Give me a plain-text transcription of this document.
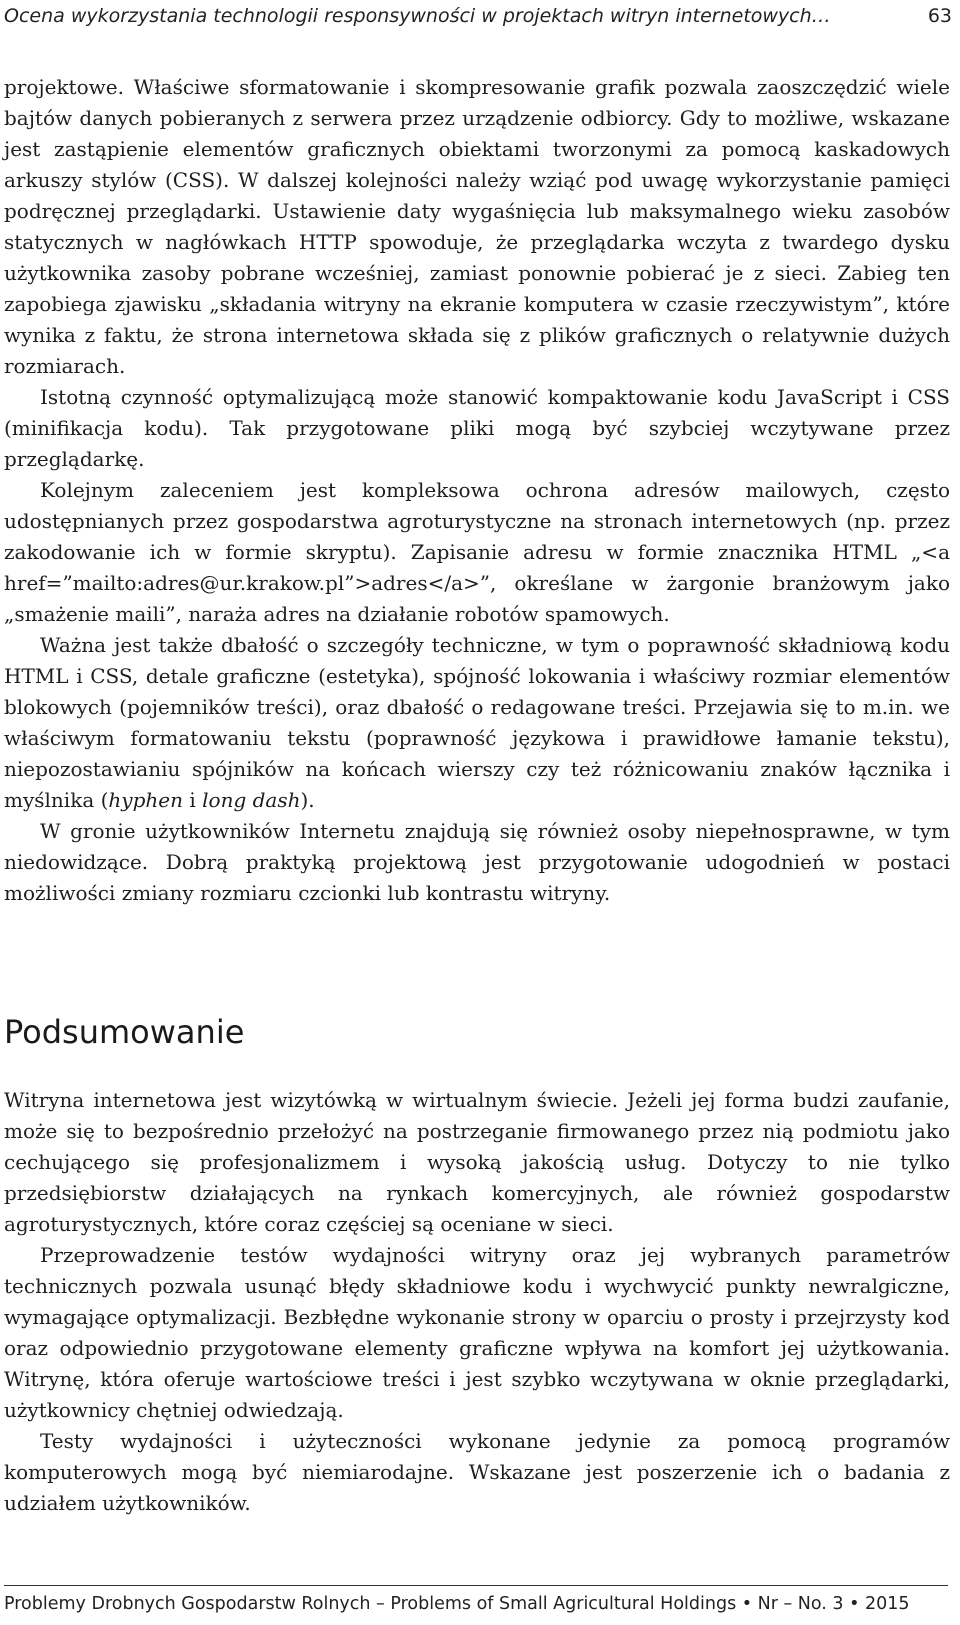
Ocena wykorzystania technologii responsywności w projektach witryn internetowych…	63

projektowe. Właściwe sformatowanie i skompresowanie grafik pozwala zaoszczędzić wiele bajtów danych pobieranych z serwera przez urządzenie odbiorcy. Gdy to możliwe, wskazane jest zastąpienie elementów graficznych obiektami tworzonymi za pomocą kaskadowych arkuszy stylów (CSS). W dalszej kolejności należy wziąć pod uwagę wykorzystanie pamięci podręcznej przeglądarki. Ustawienie daty wygaśnięcia lub maksymalnego wieku zasobów statycznych w nagłówkach HTTP spowoduje, że przeglądarka wczyta z twardego dysku użytkownika zasoby pobrane wcześniej, zamiast ponownie pobierać je z sieci. Zabieg ten zapobiega zjawisku „składania witryny na ekranie komputera w czasie rzeczywistym”, które wynika z faktu, że strona internetowa składa się z plików graficznych o relatywnie dużych rozmiarach.

Istotną czynność optymalizującą może stanowić kompaktowanie kodu JavaScript i CSS (minifikacja kodu). Tak przygotowane pliki mogą być szybciej wczytywane przez przeglądarkę.

Kolejnym zaleceniem jest kompleksowa ochrona adresów mailowych, często udostępnianych przez gospodarstwa agroturystyczne na stronach internetowych (np. przez zakodowanie ich w formie skryptu). Zapisanie adresu w formie znacznika HTML „<a href=”mailto:adres@ur.krakow.pl”>adres</a>”, określane w żargonie branżowym jako „smażenie maili”, naraża adres na działanie robotów spamowych.

Ważna jest także dbałość o szczegóły techniczne, w tym o poprawność składniową kodu HTML i CSS, detale graficzne (estetyka), spójność lokowania i właściwy rozmiar elementów blokowych (pojemników treści), oraz dbałość o redagowane treści. Przejawia się to m.in. we właściwym formatowaniu tekstu (poprawność językowa i prawidłowe łamanie tekstu), niepozostawianiu spójników na końcach wierszy czy też różnicowaniu znaków łącznika i myślnika (hyphen i long dash).

W gronie użytkowników Internetu znajdują się również osoby niepełnosprawne, w tym niedowidzące. Dobrą praktyką projektową jest przygotowanie udogodnień w postaci możliwości zmiany rozmiaru czcionki lub kontrastu witryny.

Podsumowanie

Witryna internetowa jest wizytówką w wirtualnym świecie. Jeżeli jej forma budzi zaufanie, może się to bezpośrednio przełożyć na postrzeganie firmowanego przez nią podmiotu jako cechującego się profesjonalizmem i wysoką jakością usług. Dotyczy to nie tylko przedsiębiorstw działających na rynkach komercyjnych, ale również gospodarstw agroturystycznych, które coraz częściej są oceniane w sieci.

Przeprowadzenie testów wydajności witryny oraz jej wybranych parametrów technicznych pozwala usunąć błędy składniowe kodu i wychwycić punkty newralgiczne, wymagające optymalizacji. Bezbłędne wykonanie strony w oparciu o prosty i przejrzysty kod oraz odpowiednio przygotowane elementy graficzne wpływa na komfort jej użytkowania. Witrynę, która oferuje wartościowe treści i jest szybko wczytywana w oknie przeglądarki, użytkownicy chętniej odwiedzają.

Testy wydajności i użyteczności wykonane jedynie za pomocą programów komputerowych mogą być niemiarodajne. Wskazane jest poszerzenie ich o badania z udziałem użytkowników.

Problemy Drobnych Gospodarstw Rolnych – Problems of Small Agricultural Holdings • Nr – No. 3 • 2015
